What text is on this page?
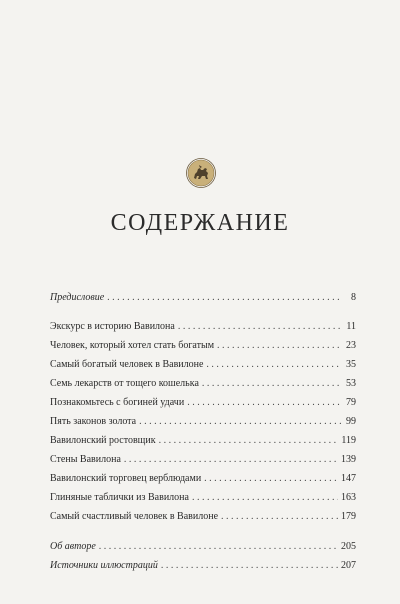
СОДЕРЖАНИЕ
Предисловие . . .	8
Экскурс в историю Вавилона . . .	11
Человек, который хотел стать богатым . . .	23
Самый богатый человек в Вавилоне . . .	35
Семь лекарств от тощего кошелька . . .	53
Познакомьтесь с богиней удачи . . .	79
Пять законов золота . . .	99
Вавилонский ростовщик . . .	119
Стены Вавилона . . .	139
Вавилонский торговец верблюдами . . .	147
Глиняные таблички из Вавилона . . .	163
Самый счастливый человек в Вавилоне . . .	179
Об авторе . . .	205
Источники иллюстраций . . .	207
